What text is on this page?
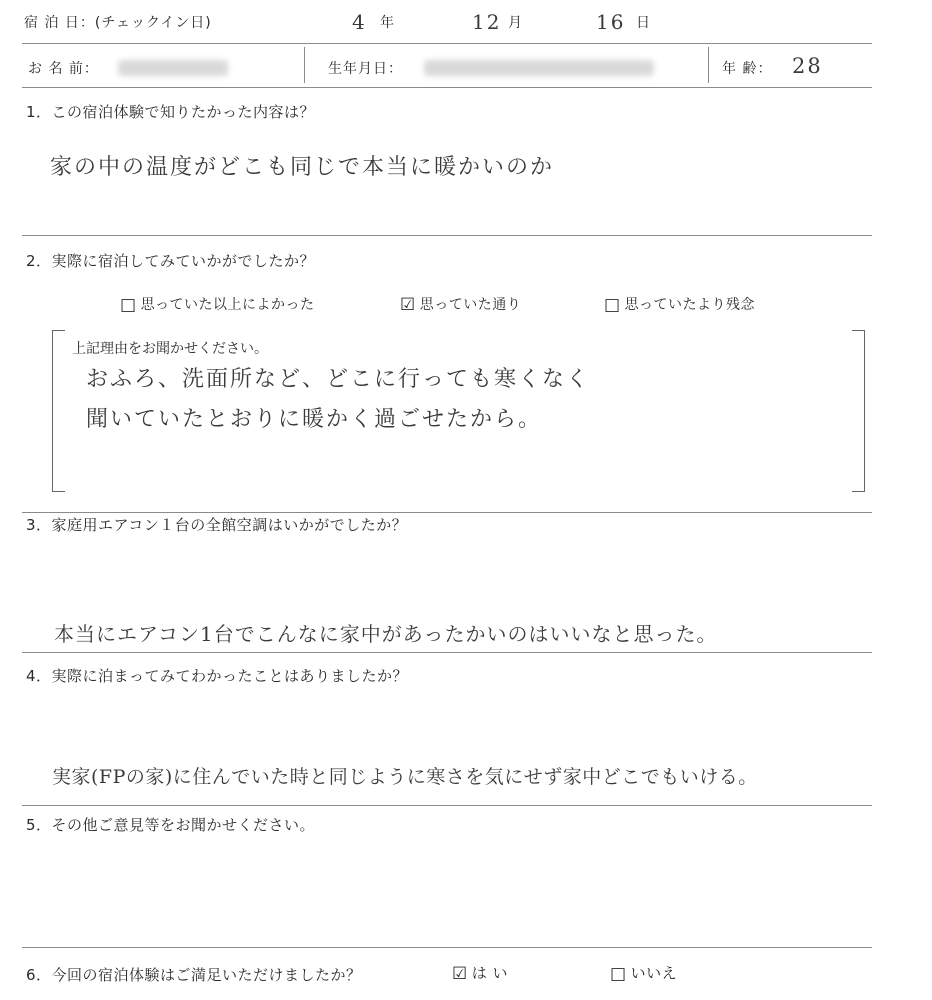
宿 泊 日：(チェックイン日)	4 年	12 月	16 日
お 名 前：	生年月日：	年 齢： 28
1．この宿泊体験で知りたかった内容は？
家の中の温度がどこも同じで本当に暖かいのか
2．実際に宿泊してみていかがでしたか？
□ 思っていた以上によかった	☑ 思っていた通り	□ 思っていたより残念
上記理由をお聞かせください。
おふろ、洗面所など、どこに行っても寒くなく
聞いていたとおりに暖かく過ごせたから。
3．家庭用エアコン１台の全館空調はいかがでしたか？
本当にエアコン1台でこんなに家中があったかいのはいいなと思った。
4．実際に泊まってみてわかったことはありましたか？
実家(FPの家)に住んでいた時と同じように寒さを気にせず家中どこでもいける。
5．その他ご意見等をお聞かせください。
6．今回の宿泊体験はご満足いただけましたか？	☑ は い	□ いいえ
